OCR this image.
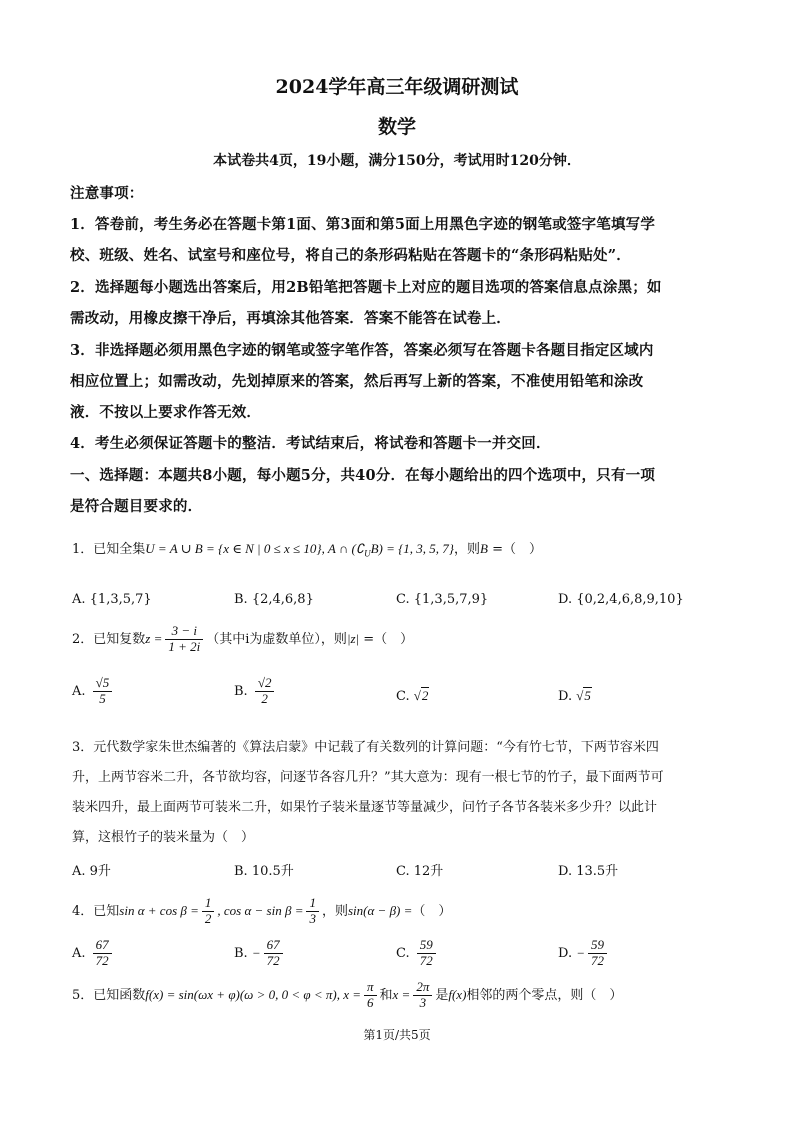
2024学年高三年级调研测试
数学
本试卷共4页，19小题，满分150分，考试用时120分钟．
注意事项：
1．答卷前，考生务必在答题卡第1面、第3面和第5面上用黑色字迹的钢笔或签字笔填写学
校、班级、姓名、试室号和座位号，将自己的条形码粘贴在答题卡的“条形码粘贴处”．
2．选择题每小题选出答案后，用2B铅笔把答题卡上对应的题目选项的答案信息点涂黑；如
需改动，用橡皮擦干净后，再填涂其他答案．答案不能答在试卷上．
3．非选择题必须用黑色字迹的钢笔或签字笔作答，答案必须写在答题卡各题目指定区域内
相应位置上；如需改动，先划掉原来的答案，然后再写上新的答案，不准使用铅笔和涂改
液．不按以上要求作答无效．
4．考生必须保证答题卡的整洁．考试结束后，将试卷和答题卡一并交回．
一、选择题：本题共8小题，每小题5分，共40分．在每小题给出的四个选项中，只有一项
是符合题目要求的．
1．已知全集U = A ∪ B = {x ∈ N | 0 ≤ x ≤ 10}, A ∩ $(∁_UB) = \{1$, 3, 5, 7}，则B =（　）
A. {1,3,5,7}	B. {2,4,6,8}	C. {1,3,5,7,9}	D. {0,2,4,6,8,9,10}
2．已知复数$z = \frac{3 - i}{1 + 2i}$ （其中i为虚数单位），则|z| =（　）
A. $\frac{√5}{5}$	B. $\frac{√2}{2}$	C. √2	D. √5
3．元代数学家朱世杰编著的《算法启蒙》中记载了有关数列的计算问题：“今有竹七节，下两节容米四
升，上两节容米二升，各节欲均容，问逐节各容几升？”其大意为：现有一根七节的竹子，最下面两节可
装米四升，最上面两节可装米二升，如果竹子装米量逐节等量减少，问竹子各节各装米多少升？以此计
算，这根竹子的装米量为（　）
A. 9升	B. 10.5升	C. 12升	D. 13.5升
4．已知$\sin \alpha + \cos \beta = \frac{1}{2}$ , $\cos \alpha - \sin \beta = \frac{1}{3}$ ，则sin(α − β) =（　）
A. $\frac{67}{72}$	B. − $\frac{67}{72}$	C. $\frac{59}{72}$	D. − $\frac{59}{72}$
5．已知函数f(x) = sin(ωx + φ)(ω > 0, 0 < φ < π), $x = \frac{\pi}{6}$ 和$x = \frac{2\pi}{3}$ 是f(x)相邻的两个零点，则（　）
第1页/共5页
